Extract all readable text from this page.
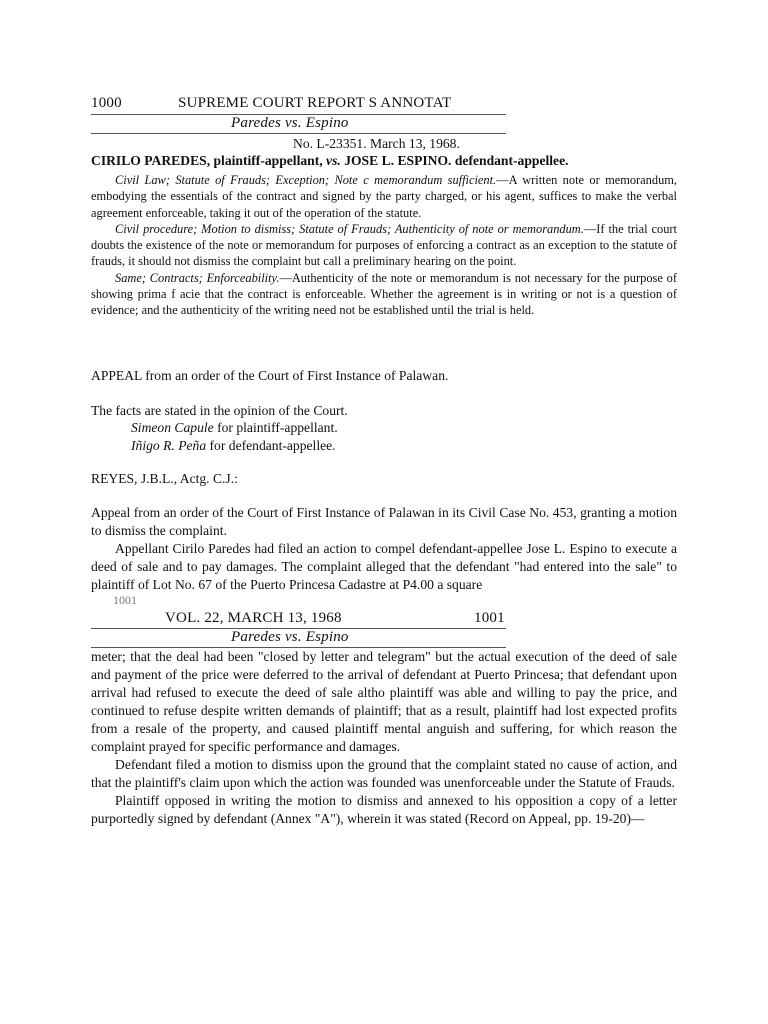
1000	SUPREME COURT REPORT S ANNOTAT
Paredes vs. Espino
No. L-23351. March 13, 1968.
CIRILO PAREDES, plaintiff-appellant, vs. JOSE L. ESPINO. defendant-appellee.

Civil Law; Statute of Frauds; Exception; Note c memorandum sufficient.—A written note or memorandum, embodying the essentials of the contract and signed by the party charged, or his agent, suffices to make the verbal agreement enforceable, taking it out of the operation of the statute.

Civil procedure; Motion to dismiss; Statute of Frauds; Authenticity of note or memorandum.—If the trial court doubts the existence of the note or memorandum for purposes of enforcing a contract as an exception to the statute of frauds, it should not dismiss the complaint but call a preliminary hearing on the point.

Same; Contracts; Enforceability.—Authenticity of the note or memorandum is not necessary for the purpose of showing prima f acie that the contract is enforceable. Whether the agreement is in writing or not is a question of evidence; and the authenticity of the writing need not be established until the trial is held.

APPEAL from an order of the Court of First Instance of Palawan.
The facts are stated in the opinion of the Court.
Simeon Capule for plaintiff-appellant.
Iñigo R. Peña for defendant-appellee.
REYES, J.B.L., Actg. C.J.:

Appeal from an order of the Court of First Instance of Palawan in its Civil Case No. 453, granting a motion to dismiss the complaint.

Appellant Cirilo Paredes had filed an action to compel defendant-appellee Jose L. Espino to execute a deed of sale and to pay damages. The complaint alleged that the defendant "had entered into the sale" to plaintiff of Lot No. 67 of the Puerto Princesa Cadastre at P4.00 a square

1001
VOL. 22, MARCH 13, 1968	1001
Paredes vs. Espino

meter; that the deal had been "closed by letter and telegram" but the actual execution of the deed of sale and payment of the price were deferred to the arrival of defendant at Puerto Princesa; that defendant upon arrival had refused to execute the deed of sale altho plaintiff was able and willing to pay the price, and continued to refuse despite written demands of plaintiff; that as a result, plaintiff had lost expected profits from a resale of the property, and caused plaintiff mental anguish and suffering, for which reason the complaint prayed for specific performance and damages.

Defendant filed a motion to dismiss upon the ground that the complaint stated no cause of action, and that the plaintiff's claim upon which the action was founded was unenforceable under the Statute of Frauds.

Plaintiff opposed in writing the motion to dismiss and annexed to his opposition a copy of a letter purportedly signed by defendant (Annex "A"), wherein it was stated (Record on Appeal, pp. 19-20)—
